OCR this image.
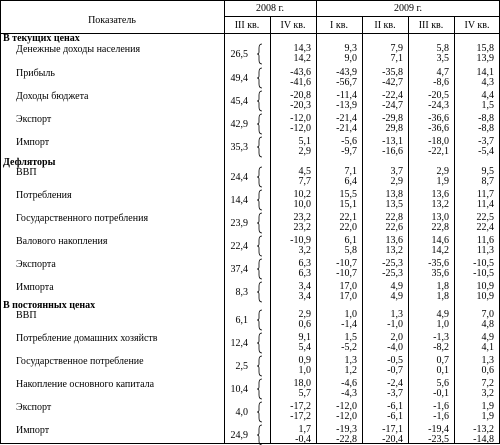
Показатель
2008 г.	2009 г.
III кв.	IV кв.	I кв.	II кв.	III кв.	IV кв.
В текущих ценах
Денежные доходы населения	26,5
14,3	9,3	7,9	5,8	15,8
14,2	9,0	7,1	3,5	13,9
Прибыль	49,4
-43,6	-43,9	-35,8	4,7	14,1
-41,6	-56,7	-42,7	-8,6	4,3
Доходы бюджета	45,4
-20,8	-11,4	-22,4	-20,5	4,4
-20,3	-13,9	-24,7	-24,3	1,5
Экспорт	42,9
-12,0	-21,4	-29,8	-36,6	-8,8
-12,0	-21,4	29,8	-36,6	-8,8
Импорт	35,3
5,1	-5,6	-13,1	-18,0	-3,7
2,9	-9,7	-16,6	-22,1	-5,4
Дефляторы
ВВП	24,4
4,5	7,1	3,7	2,9	9,5
7,7	6,4	2,9	1,9	8,7
Потребления	14,4
10,2	15,5	13,8	13,6	11,7
10,0	15,1	13,5	13,2	11,4
Государственного потребления	23,9
23,2	22,1	22,8	13,0	22,5
23,2	22,0	22,6	22,8	22,4
Валового накопления	22,4
-10,9	6,1	13,6	14,6	11,6
3,2	5,8	13,2	14,2	11,3
Экспорта	37,4
6,3	-10,7	-25,3	-35,6	-10,5
6,3	-10,7	-25,3	35,6	-10,5
Импорта	8,3
3,4	17,0	4,9	1,8	10,9
3,4	17,0	4,9	1,8	10,9
В постоянных ценах
ВВП	6,1
2,9	1,0	1,3	4,9	7,0
0,6	-1,4	-1,0	1,0	4,8
Потребление домашних хозяйств	12,4
9,1	1,5	2,0	-1,3	4,9
5,4	-5,2	-4,0	-8,2	4,1
Государственное потребление	2,5
0,9	1,3	-0,5	0,7	1,3
1,0	1,2	-0,7	0,1	0,6
Накопление основного капитала	10,4
18,0	-4,6	-2,4	5,6	7,2
5,7	-4,3	-3,7	-0,1	3,2
Экспорт	4,0
-17,2	-12,0	-6,1	-1,6	1,9
-17,2	-12,0	-6,1	-1,6	1,9
Импорт	24,9
1,7	-19,3	-17,1	-19,4	-13,2
-0,4	-22,8	-20,4	-23,5	-14,8
